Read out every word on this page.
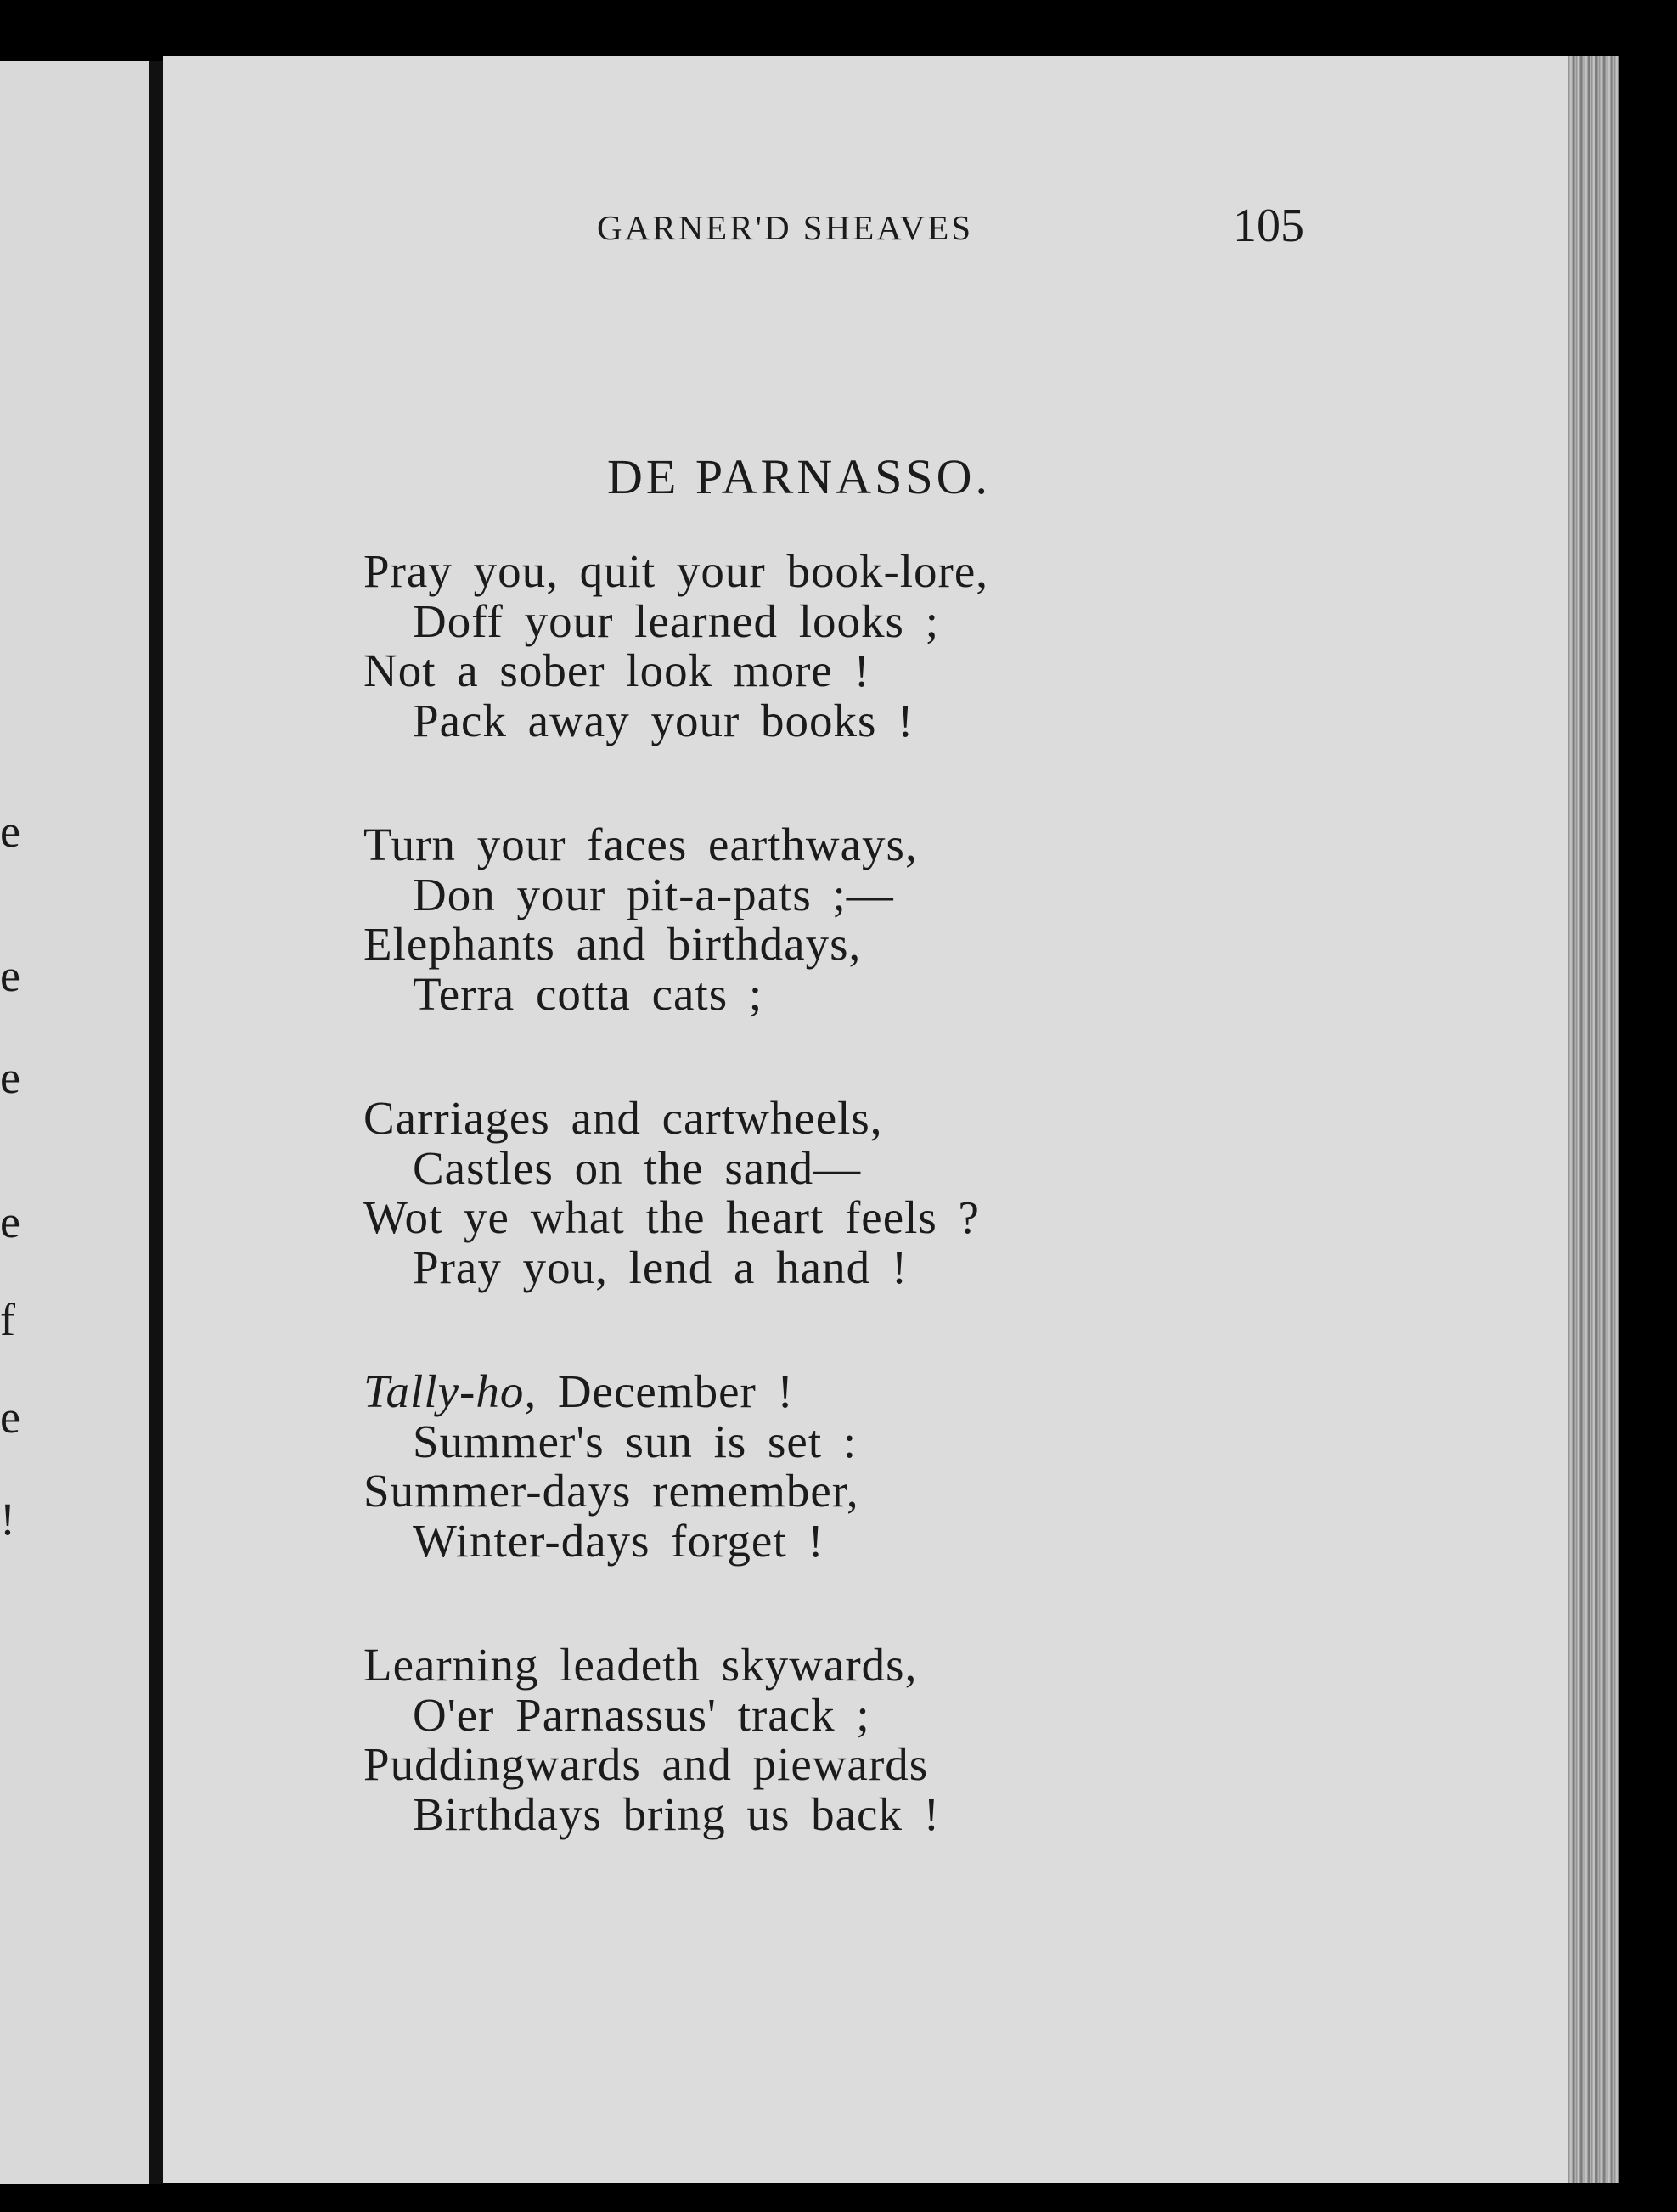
e
e
e
e
f
e
!
GARNER'D SHEAVES	105
DE PARNASSO.
Pray you, quit your book-lore,
Doff your learned looks ;
Not a sober look more !
Pack away your books !
Turn your faces earthways,
Don your pit-a-pats ;—
Elephants and birthdays,
Terra cotta cats ;
Carriages and cartwheels,
Castles on the sand—
Wot ye what the heart feels ?
Pray you, lend a hand !
Tally-ho, December !
Summer's sun is set :
Summer-days remember,
Winter-days forget !
Learning leadeth skywards,
O'er Parnassus' track ;
Puddingwards and piewards
Birthdays bring us back !
